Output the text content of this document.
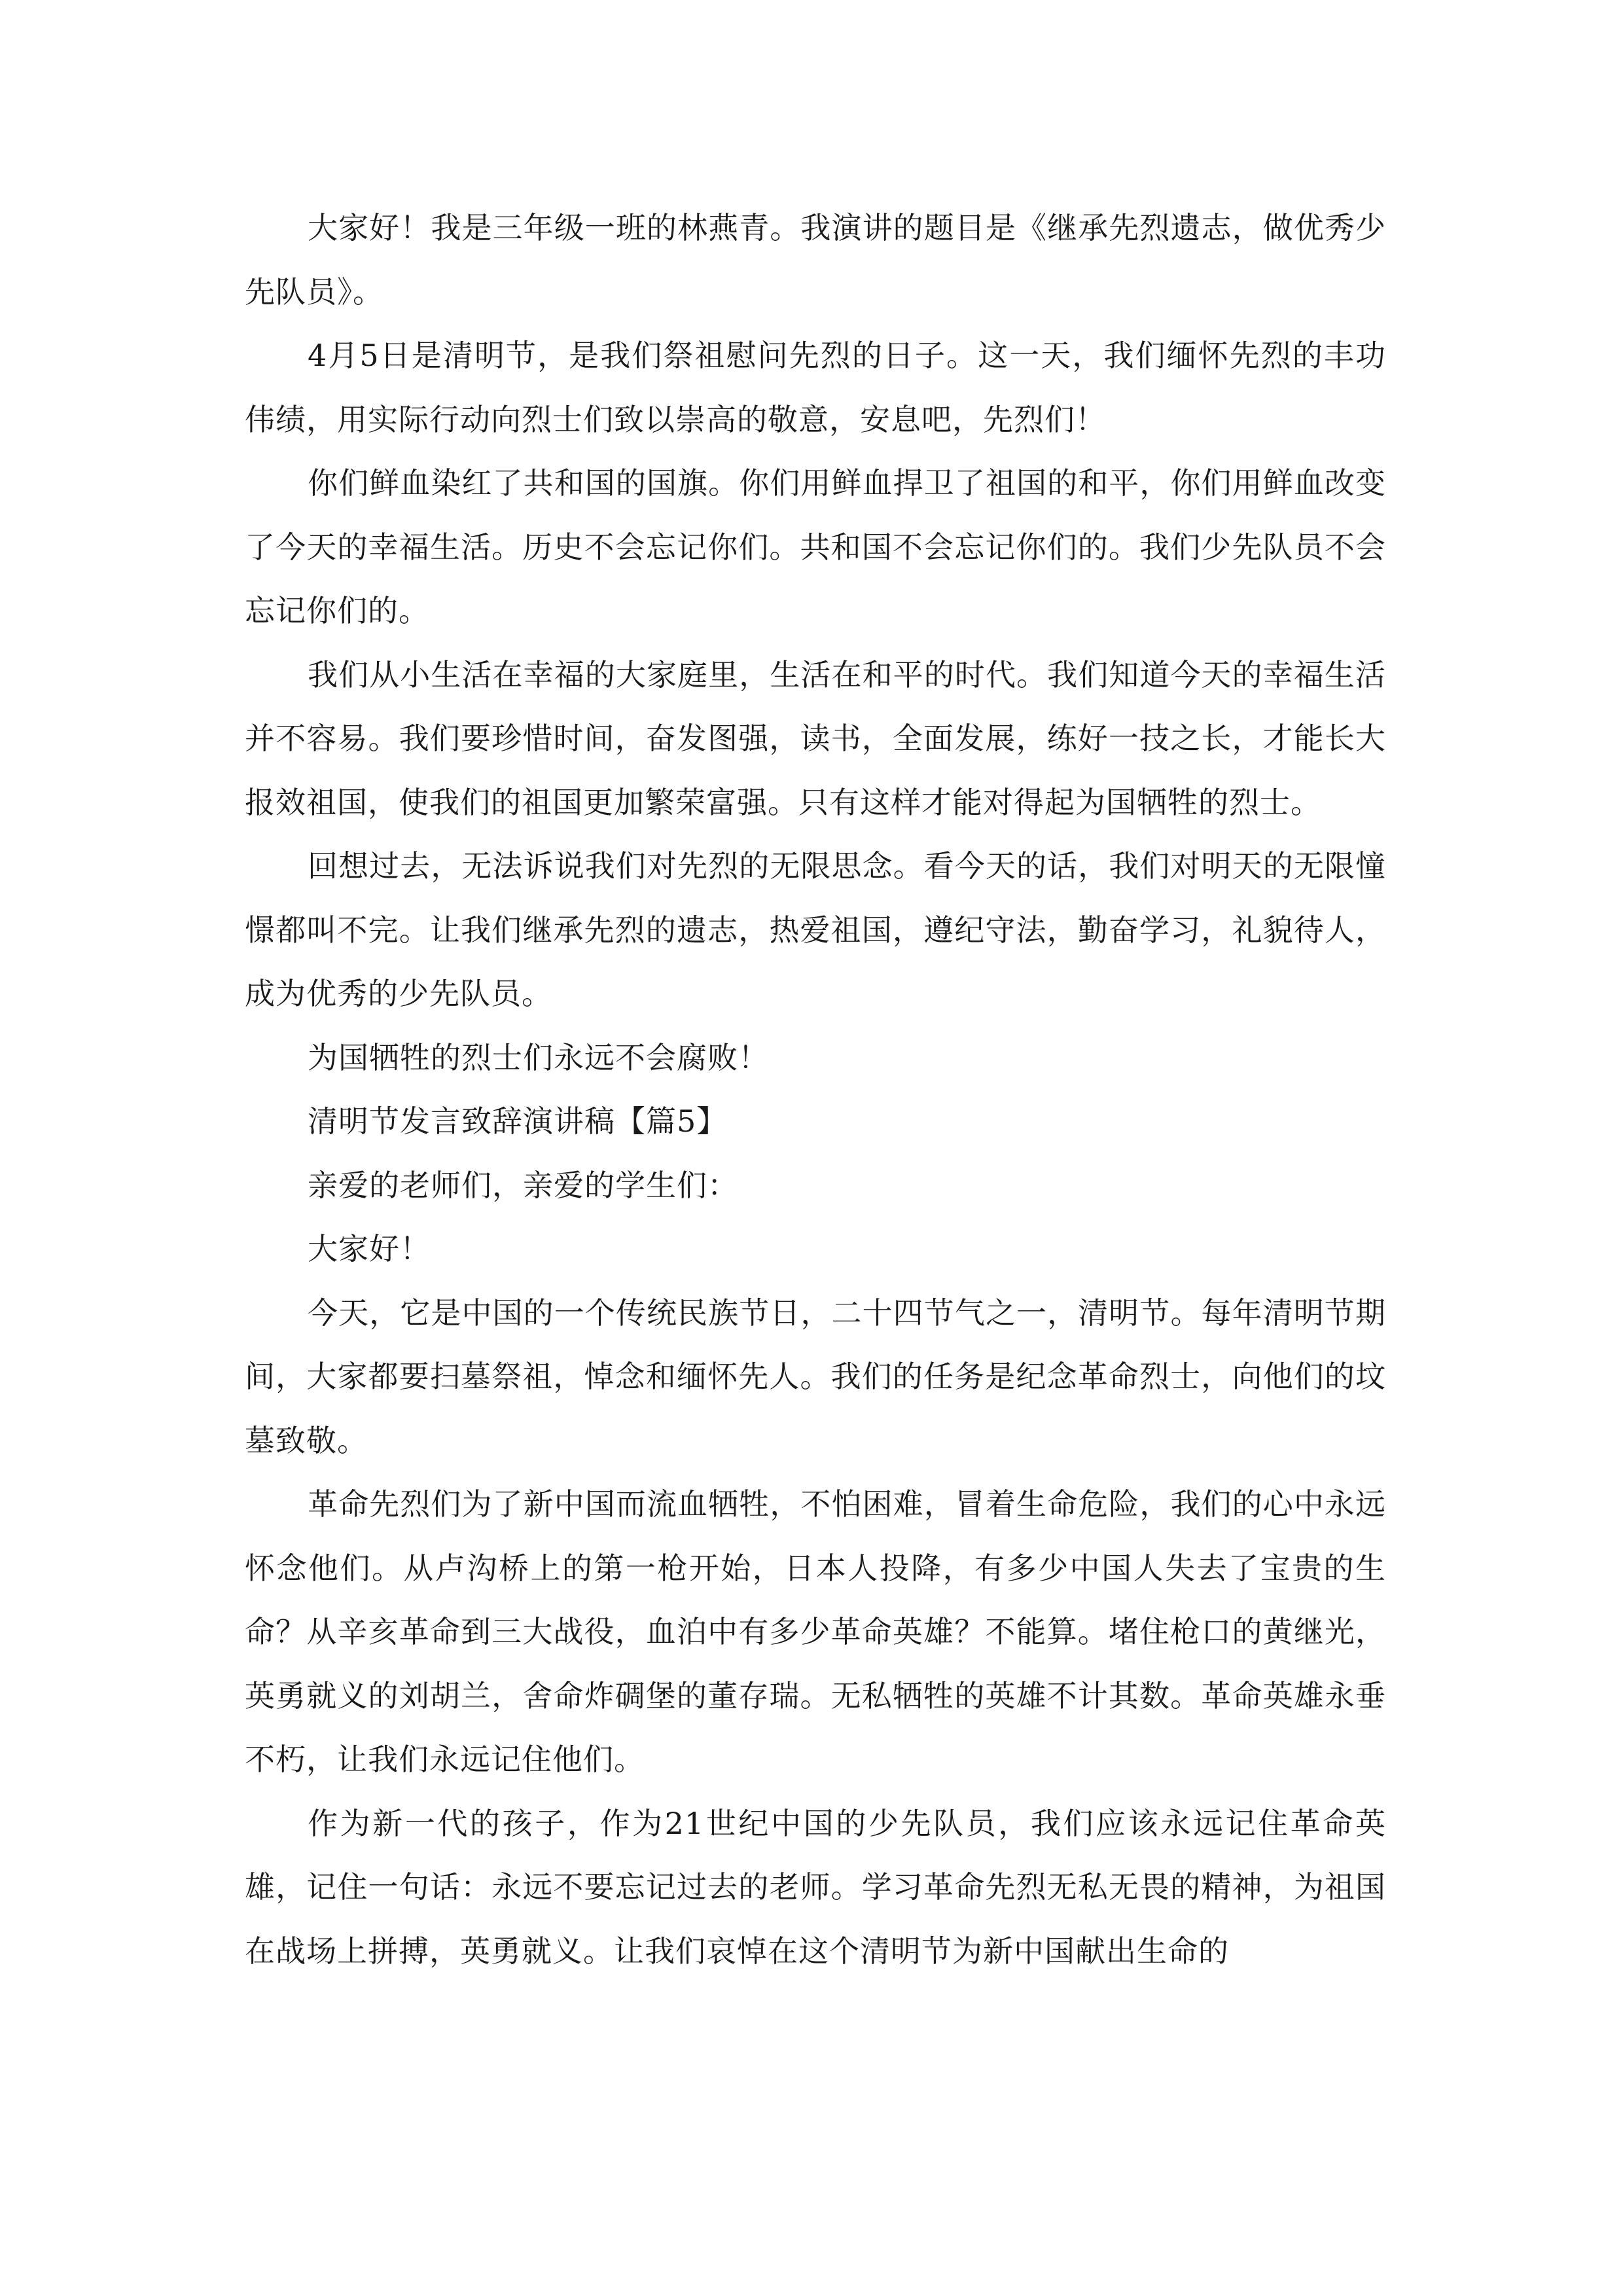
大家好！我是三年级一班的林燕青。我演讲的题目是《继承先烈遗志，做优秀少先队员》。

4月5日是清明节，是我们祭祖慰问先烈的日子。这一天，我们缅怀先烈的丰功伟绩，用实际行动向烈士们致以崇高的敬意，安息吧，先烈们！

你们鲜血染红了共和国的国旗。你们用鲜血捍卫了祖国的和平，你们用鲜血改变了今天的幸福生活。历史不会忘记你们。共和国不会忘记你们的。我们少先队员不会忘记你们的。

我们从小生活在幸福的大家庭里，生活在和平的时代。我们知道今天的幸福生活并不容易。我们要珍惜时间，奋发图强，读书，全面发展，练好一技之长，才能长大报效祖国，使我们的祖国更加繁荣富强。只有这样才能对得起为国牺牲的烈士。

回想过去，无法诉说我们对先烈的无限思念。看今天的话，我们对明天的无限憧憬都叫不完。让我们继承先烈的遗志，热爱祖国，遵纪守法，勤奋学习，礼貌待人，成为优秀的少先队员。

为国牺牲的烈士们永远不会腐败！

清明节发言致辞演讲稿【篇5】

亲爱的老师们，亲爱的学生们：

大家好！

今天，它是中国的一个传统民族节日，二十四节气之一，清明节。每年清明节期间，大家都要扫墓祭祖，悼念和缅怀先人。我们的任务是纪念革命烈士，向他们的坟墓致敬。

革命先烈们为了新中国而流血牺牲，不怕困难，冒着生命危险，我们的心中永远怀念他们。从卢沟桥上的第一枪开始，日本人投降，有多少中国人失去了宝贵的生命？从辛亥革命到三大战役，血泊中有多少革命英雄？不能算。堵住枪口的黄继光，英勇就义的刘胡兰，舍命炸碉堡的董存瑞。无私牺牲的英雄不计其数。革命英雄永垂不朽，让我们永远记住他们。

作为新一代的孩子，作为21世纪中国的少先队员，我们应该永远记住革命英雄，记住一句话：永远不要忘记过去的老师。学习革命先烈无私无畏的精神，为祖国在战场上拼搏，英勇就义。让我们哀悼在这个清明节为新中国献出生命的
